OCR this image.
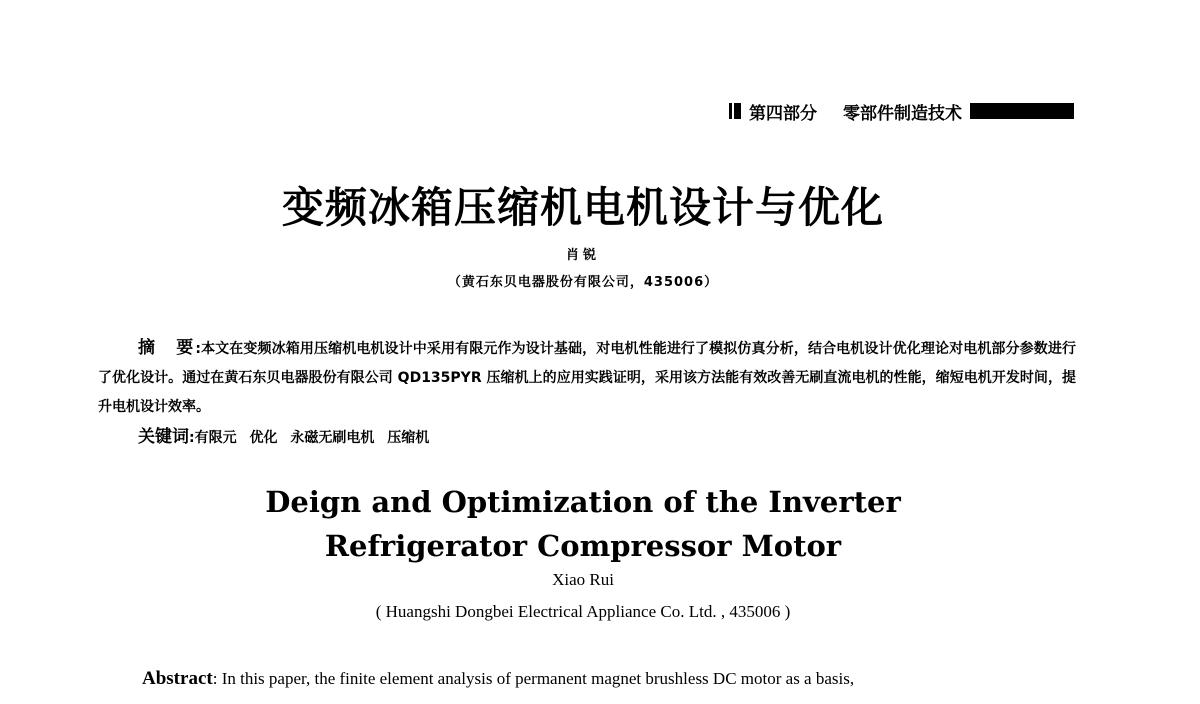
第四部分 零部件制造技术
变频冰箱压缩机电机设计与优化
肖锐
（黄石东贝电器股份有限公司，435006）
摘　要:本文在变频冰箱用压缩机电机设计中采用有限元作为设计基础，对电机性能进行了模拟仿真分析，结合电机设计优化理论对电机部分参数进行了优化设计。通过在黄石东贝电器股份有限公司 QD135PYR 压缩机上的应用实践证明，采用该方法能有效改善无刷直流电机的性能，缩短电机开发时间，提升电机设计效率。
关键词:有限元 优化 永磁无刷电机 压缩机
Deign and Optimization of the Inverter
Refrigerator Compressor Motor
Xiao Rui
( Huangshi Dongbei Electrical Appliance Co. Ltd. , 435006 )
Abstract: In this paper, the finite element analysis of permanent magnet brushless DC motor as a basis,
